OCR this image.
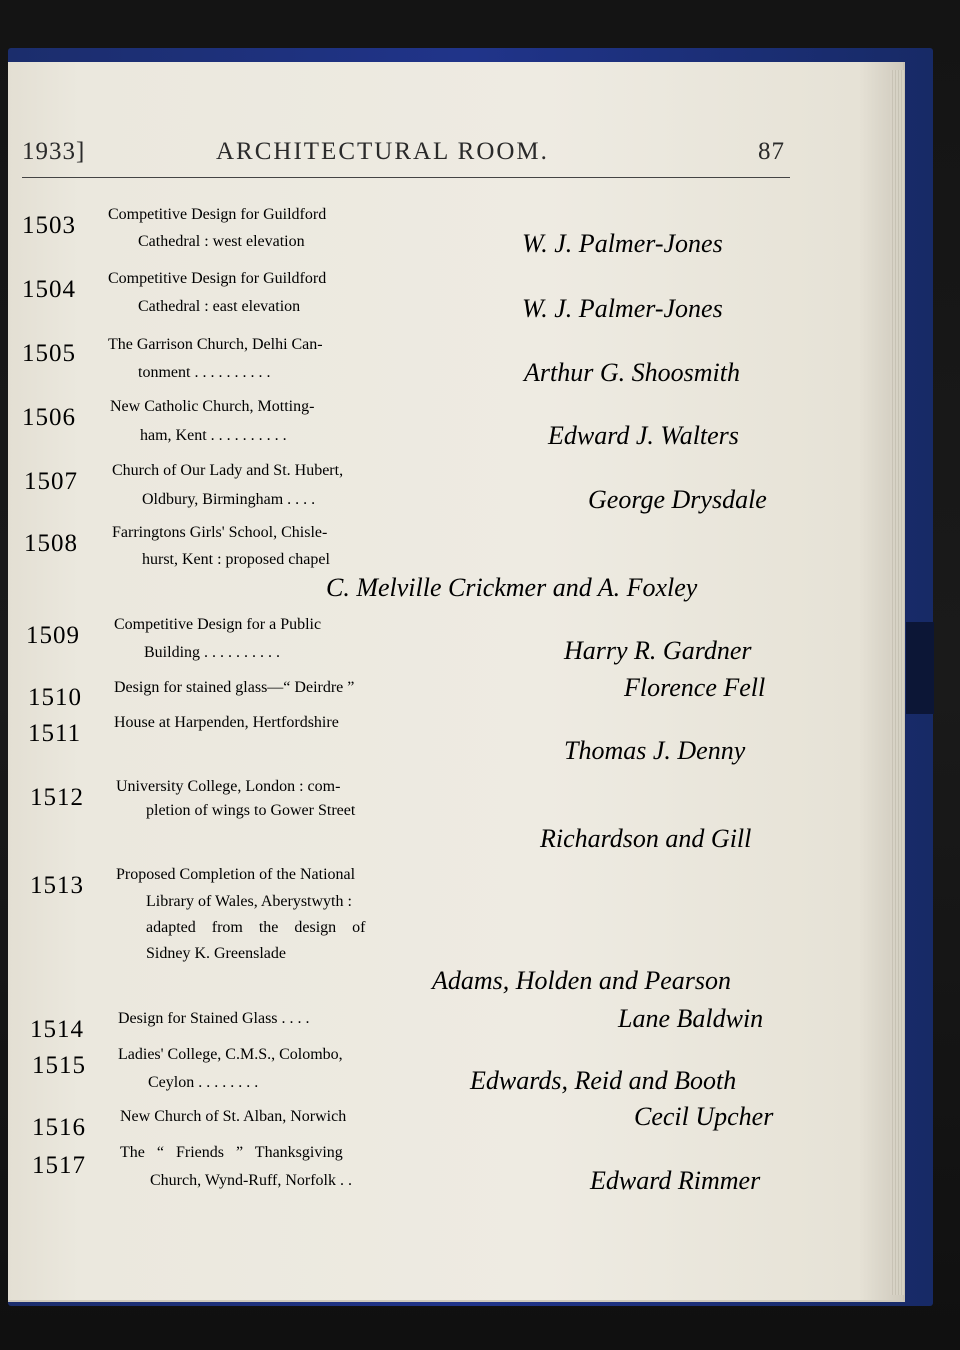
1933]	ARCHITECTURAL ROOM.	87
1503 Competitive Design for Guildford
Cathedral : west elevation	W. J. Palmer-Jones
1504 Competitive Design for Guildford
Cathedral : east elevation	W. J. Palmer-Jones
1505 The Garrison Church, Delhi Can-
tonment . . . . . . . . . .	Arthur G. Shoosmith
1506 New Catholic Church, Motting-
ham, Kent . . . . . . . . . .	Edward J. Walters
1507 Church of Our Lady and St. Hubert,
Oldbury, Birmingham . . . .	George Drysdale
1508 Farringtons Girls' School, Chisle-
hurst, Kent : proposed chapel
C. Melville Crickmer and A. Foxley
1509 Competitive Design for a Public
Building . . . . . . . . . .	Harry R. Gardner
1510 Design for stained glass—“ Deirdre ”	Florence Fell
1511 House at Harpenden, Hertfordshire
Thomas J. Denny
1512 University College, London : com-
pletion of wings to Gower Street
Richardson and Gill
1513 Proposed Completion of the National
Library of Wales, Aberystwyth :
adapted from the design of
Sidney K. Greenslade
Adams, Holden and Pearson
1514 Design for Stained Glass . . . .	Lane Baldwin
1515 Ladies' College, C.M.S., Colombo,
Ceylon . . . . . . . .	Edwards, Reid and Booth
1516 New Church of St. Alban, Norwich	Cecil Upcher
1517 The “ Friends ” Thanksgiving
Church, Wynd-Ruff, Norfolk . .	Edward Rimmer
